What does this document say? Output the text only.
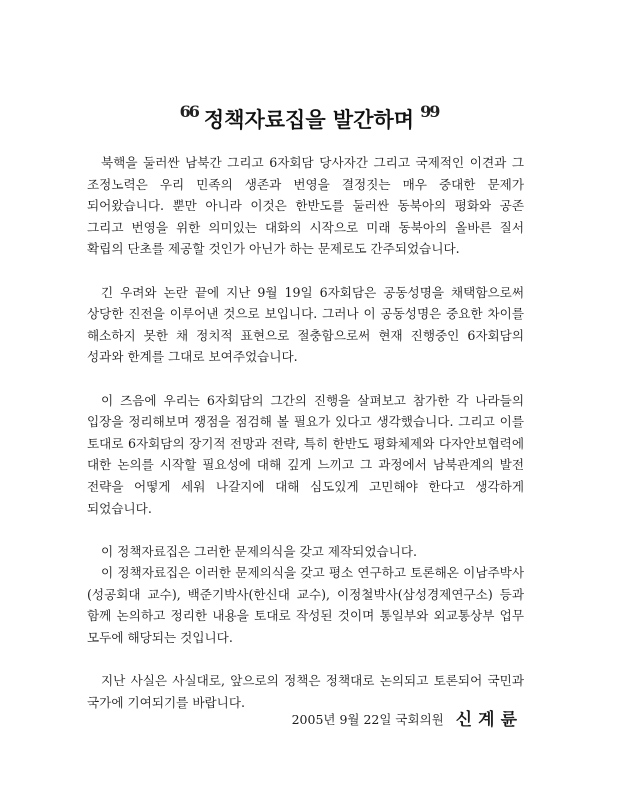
66 정책자료집을 발간하며 99

북핵을 둘러싼 남북간 그리고 6자회담 당사자간 그리고 국제적인 이견과 그 조정노력은 우리 민족의 생존과 번영을 결정짓는 매우 중대한 문제가 되어왔습니다. 뿐만 아니라 이것은 한반도를 둘러싼 동북아의 평화와 공존 그리고 번영을 위한 의미있는 대화의 시작으로 미래 동북아의 올바른 질서 확립의 단초를 제공할 것인가 아닌가 하는 문제로도 간주되었습니다.

긴 우려와 논란 끝에 지난 9월 19일 6자회담은 공동성명을 채택함으로써 상당한 진전을 이루어낸 것으로 보입니다. 그러나 이 공동성명은 중요한 차이를 해소하지 못한 채 정치적 표현으로 절충함으로써 현재 진행중인 6자회담의 성과와 한계를 그대로 보여주었습니다.

이 즈음에 우리는 6자회담의 그간의 진행을 살펴보고 참가한 각 나라들의 입장을 정리해보며 쟁점을 점검해 볼 필요가 있다고 생각했습니다. 그리고 이를 토대로 6자회담의 장기적 전망과 전략, 특히 한반도 평화체제와 다자안보협력에 대한 논의를 시작할 필요성에 대해 깊게 느끼고 그 과정에서 남북관계의 발전 전략을 어떻게 세워 나갈지에 대해 심도있게 고민해야 한다고 생각하게 되었습니다.

이 정책자료집은 그러한 문제의식을 갖고 제작되었습니다.

이 정책자료집은 이러한 문제의식을 갖고 평소 연구하고 토론해온 이남주박사(성공회대 교수), 백준기박사(한신대 교수), 이정철박사(삼성경제연구소) 등과 함께 논의하고 정리한 내용을 토대로 작성된 것이며 통일부와 외교통상부 업무 모두에 해당되는 것입니다.

지난 사실은 사실대로, 앞으로의 정책은 정책대로 논의되고 토론되어 국민과 국가에 기여되기를 바랍니다.

2005년 9월 22일 국회의원 신계륜
